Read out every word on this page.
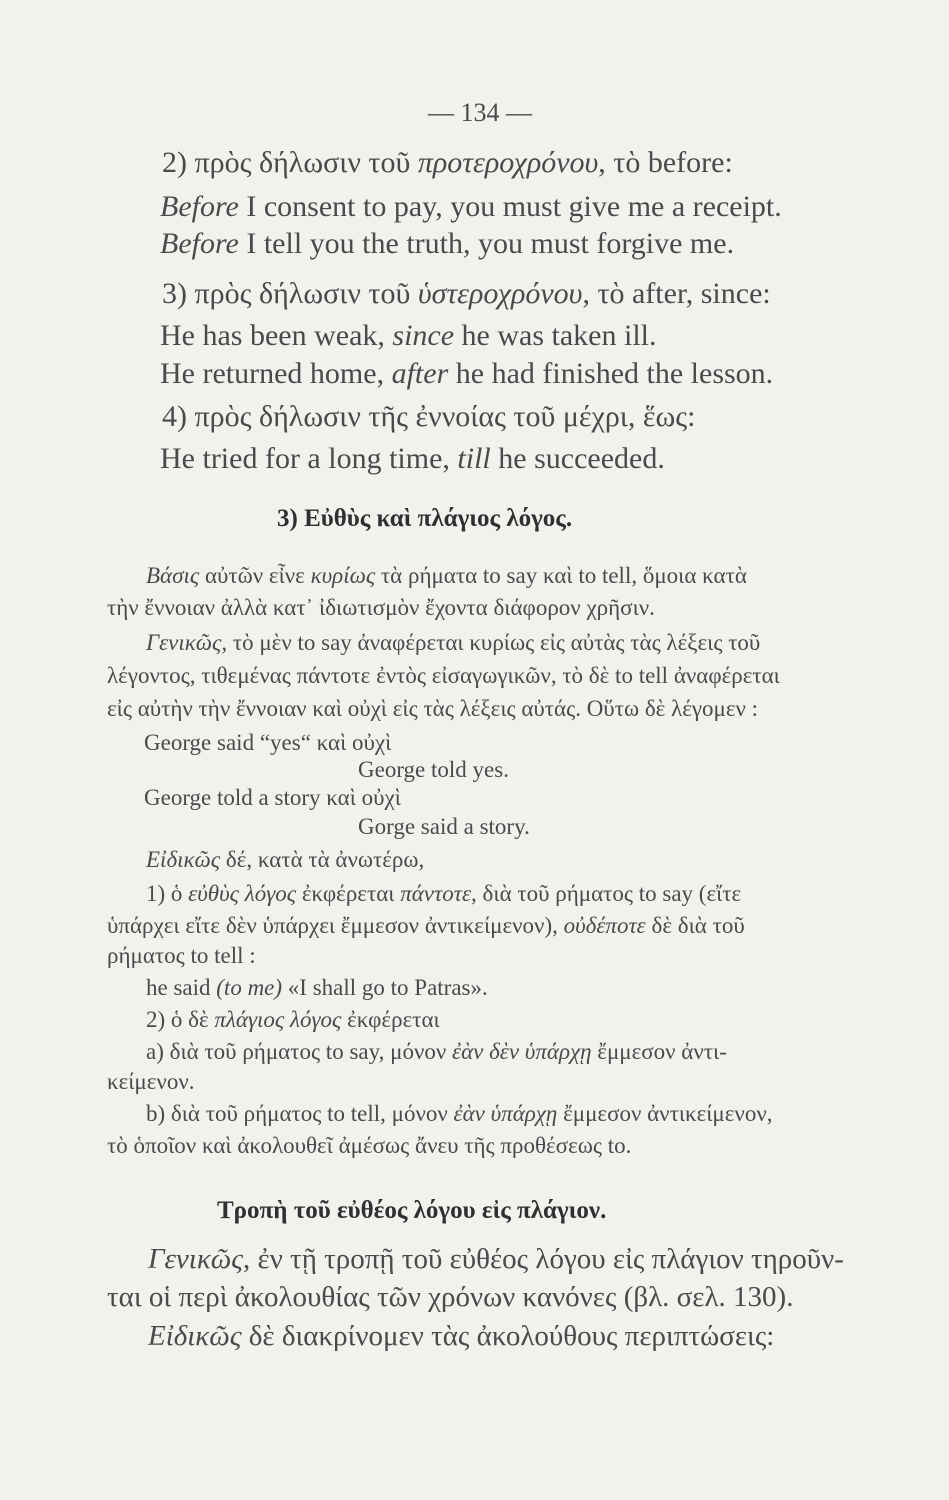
— 134 —
2) πρὸς δήλωσιν τοῦ προτεροχρόνου, τὸ before:
Before I consent to pay, you must give me a receipt.
Before I tell you the truth, you must forgive me.
3) πρὸς δήλωσιν τοῦ ὑστεροχρόνου, τὸ after, since:
He has been weak, since he was taken ill.
He returned home, after he had finished the lesson.
4) πρὸς δήλωσιν τῆς ἐννοίας τοῦ μέχρι, ἕως:
He tried for a long time, till he succeeded.
3) Εὐθὺς καὶ πλάγιος λόγος.
Βάσις αὐτῶν εἶνε κυρίως τὰ ρήματα to say καὶ to tell, ὅμοια κατὰ
τὴν ἔννοιαν ἀλλὰ κατ᾽ ἰδιωτισμὸν ἔχοντα διάφορον χρῆσιν.
Γενικῶς, τὸ μὲν to say ἀναφέρεται κυρίως εἰς αὐτὰς τὰς λέξεις τοῦ
λέγοντος, τιθεμένας πάντοτε ἐντὸς εἰσαγωγικῶν, τὸ δὲ to tell ἀναφέρεται
εἰς αὐτὴν τὴν ἔννοιαν καὶ οὐχὶ εἰς τὰς λέξεις αὐτάς. Οὕτω δὲ λέγομεν :
George said “yes“ καὶ οὐχὶ
George told yes.
George told a story καὶ οὐχὶ
Gorge said a story.
Εἰδικῶς δέ, κατὰ τὰ ἀνωτέρω,
1) ὁ εὐθὺς λόγος ἐκφέρεται πάντοτε, διὰ τοῦ ρήματος to say (εἴτε
ὑπάρχει εἴτε δὲν ὑπάρχει ἔμμεσον ἀντικείμενον), οὐδέποτε δὲ διὰ τοῦ
ρήματος to tell :
he said (to me) «I shall go to Patras».
2) ὁ δὲ πλάγιος λόγος ἐκφέρεται
a) διὰ τοῦ ρήματος to say, μόνον ἐὰν δὲν ὑπάρχῃ ἔμμεσον ἀντι-
κείμενον.
b) διὰ τοῦ ρήματος to tell, μόνον ἐὰν ὑπάρχῃ ἔμμεσον ἀντικείμενον,
τὸ ὁποῖον καὶ ἀκολουθεῖ ἀμέσως ἄνευ τῆς προθέσεως to.
Τροπὴ τοῦ εὐθέος λόγου εἰς πλάγιον.
Γενικῶς, ἐν τῇ τροπῇ τοῦ εὐθέος λόγου εἰς πλάγιον τηροῦν-
ται οἱ περὶ ἀκολουθίας τῶν χρόνων κανόνες (βλ. σελ. 130).
Εἰδικῶς δὲ διακρίνομεν τὰς ἀκολούθους περιπτώσεις:
